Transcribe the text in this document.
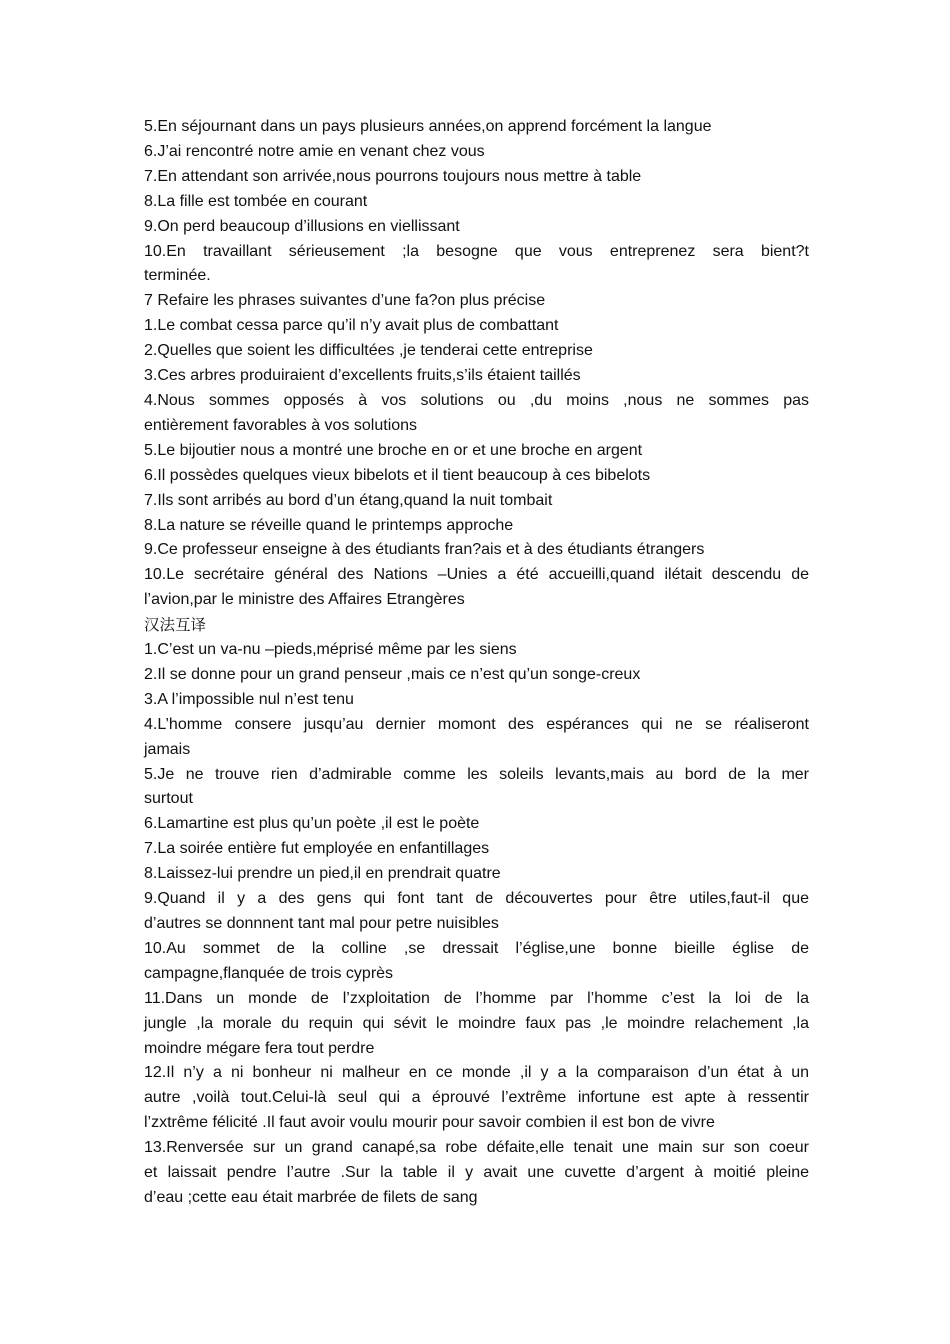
5.En séjournant dans un pays plusieurs années,on apprend forcément la langue

6.J’ai rencontré notre amie en venant chez vous

7.En attendant son arrivée,nous pourrons toujours nous mettre à table

8.La fille est tombée en courant

9.On perd beaucoup d’illusions en viellissant

10.En travaillant sérieusement ;la besogne que vous entreprenez sera bient?t

terminée.

7 Refaire les phrases suivantes d’une fa?on plus précise

1.Le combat cessa parce qu’il n’y avait plus de combattant

2.Quelles que soient les difficultées ,je tenderai cette entreprise

3.Ces arbres produiraient d’excellents fruits,s’ils étaient taillés

4.Nous sommes opposés à vos solutions ou ,du moins ,nous ne sommes pas

entièrement favorables à vos solutions

5.Le bijoutier nous a montré une broche en or et une broche en argent

6.Il possèdes quelques vieux bibelots et il tient beaucoup à ces bibelots

7.Ils sont arribés au bord d’un étang,quand la nuit tombait

8.La nature se réveille quand le printemps approche

9.Ce professeur enseigne à des étudiants fran?ais et à des étudiants étrangers

10.Le secrétaire général des Nations –Unies a été accueilli,quand ilétait descendu de

l’avion,par le ministre des Affaires Etrangères

汉法互译

1.C’est un va-nu –pieds,méprisé même par les siens

2.Il se donne pour un grand penseur ,mais ce n’est qu’un songe-creux

3.A l’impossible nul n’est tenu

4.L’homme consere jusqu’au dernier momont des espérances qui ne se réaliseront

jamais

5.Je ne trouve rien d’admirable comme les soleils levants,mais au bord de la mer

surtout

6.Lamartine est plus qu’un poète ,il est le poète

7.La soirée entière fut employée en enfantillages

8.Laissez-lui prendre un pied,il en prendrait quatre

9.Quand il y a des gens qui font tant de découvertes pour être utiles,faut-il que

d’autres se donnnent tant mal pour petre nuisibles

10.Au sommet de la colline ,se dressait l’église,une bonne bieille église de

campagne,flanquée de trois cyprès

11.Dans un monde de l’zxploitation de l’homme par l’homme c’est la loi de la

jungle ,la morale du requin qui sévit le moindre faux pas ,le moindre relachement ,la

moindre mégare fera tout perdre

12.Il n’y a ni bonheur ni malheur en ce monde ,il y a la comparaison d’un état à un

autre ,voilà tout.Celui-là seul qui a éprouvé l’extrême infortune est apte à ressentir

l’zxtrême félicité .Il faut avoir voulu mourir pour savoir combien il est bon de vivre

13.Renversée sur un grand canapé,sa robe défaite,elle tenait une main sur son coeur

et laissait pendre l’autre .Sur la table il y avait une cuvette d’argent à moitié pleine

d’eau ;cette eau était marbrée de filets de sang
